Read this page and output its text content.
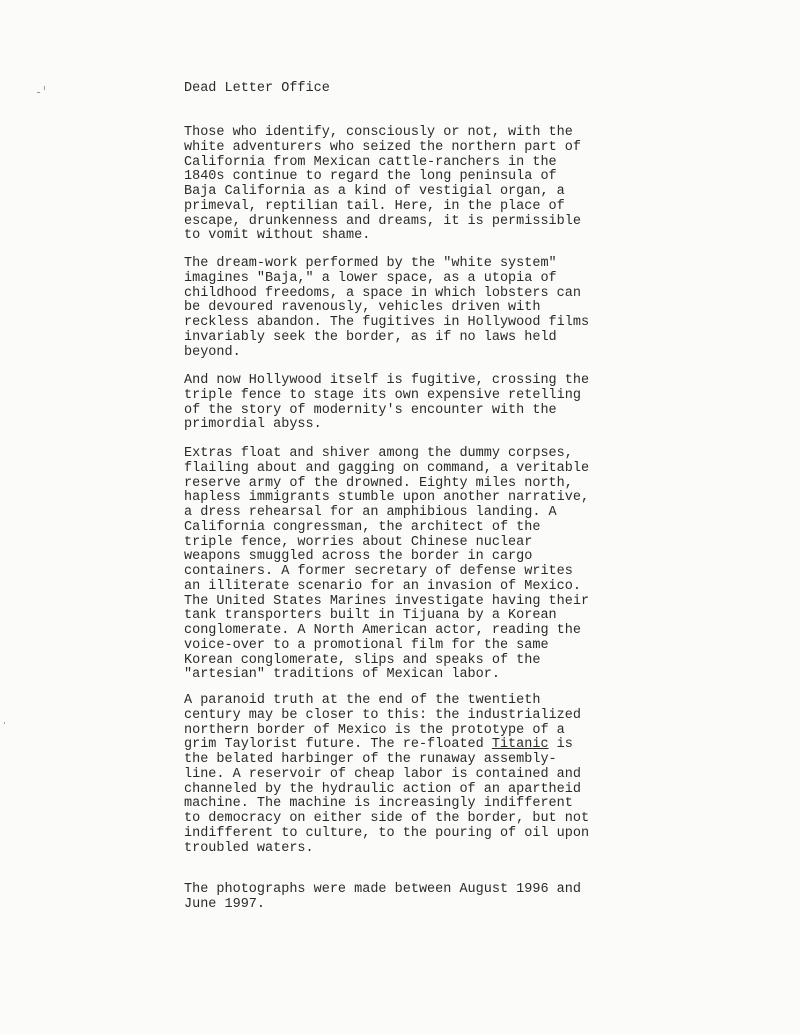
Dead Letter Office

Those who identify, consciously or not, with the
white adventurers who seized the northern part of
California from Mexican cattle-ranchers in the
1840s continue to regard the long peninsula of
Baja California as a kind of vestigial organ, a
primeval, reptilian tail. Here, in the place of
escape, drunkenness and dreams, it is permissible
to vomit without shame.

The dream-work performed by the "white system"
imagines "Baja," a lower space, as a utopia of
childhood freedoms, a space in which lobsters can
be devoured ravenously, vehicles driven with
reckless abandon. The fugitives in Hollywood films
invariably seek the border, as if no laws held
beyond.

And now Hollywood itself is fugitive, crossing the
triple fence to stage its own expensive retelling
of the story of modernity's encounter with the
primordial abyss.

Extras float and shiver among the dummy corpses,
flailing about and gagging on command, a veritable
reserve army of the drowned. Eighty miles north,
hapless immigrants stumble upon another narrative,
a dress rehearsal for an amphibious landing. A
California congressman, the architect of the
triple fence, worries about Chinese nuclear
weapons smuggled across the border in cargo
containers. A former secretary of defense writes
an illiterate scenario for an invasion of Mexico.
The United States Marines investigate having their
tank transporters built in Tijuana by a Korean
conglomerate. A North American actor, reading the
voice-over to a promotional film for the same
Korean conglomerate, slips and speaks of the
"artesian" traditions of Mexican labor.

A paranoid truth at the end of the twentieth
century may be closer to this: the industrialized
northern border of Mexico is the prototype of a
grim Taylorist future. The re-floated Titanic is
the belated harbinger of the runaway assembly-
line. A reservoir of cheap labor is contained and
channeled by the hydraulic action of an apartheid
machine. The machine is increasingly indifferent
to democracy on either side of the border, but not
indifferent to culture, to the pouring of oil upon
troubled waters.

The photographs were made between August 1996 and
June 1997.
